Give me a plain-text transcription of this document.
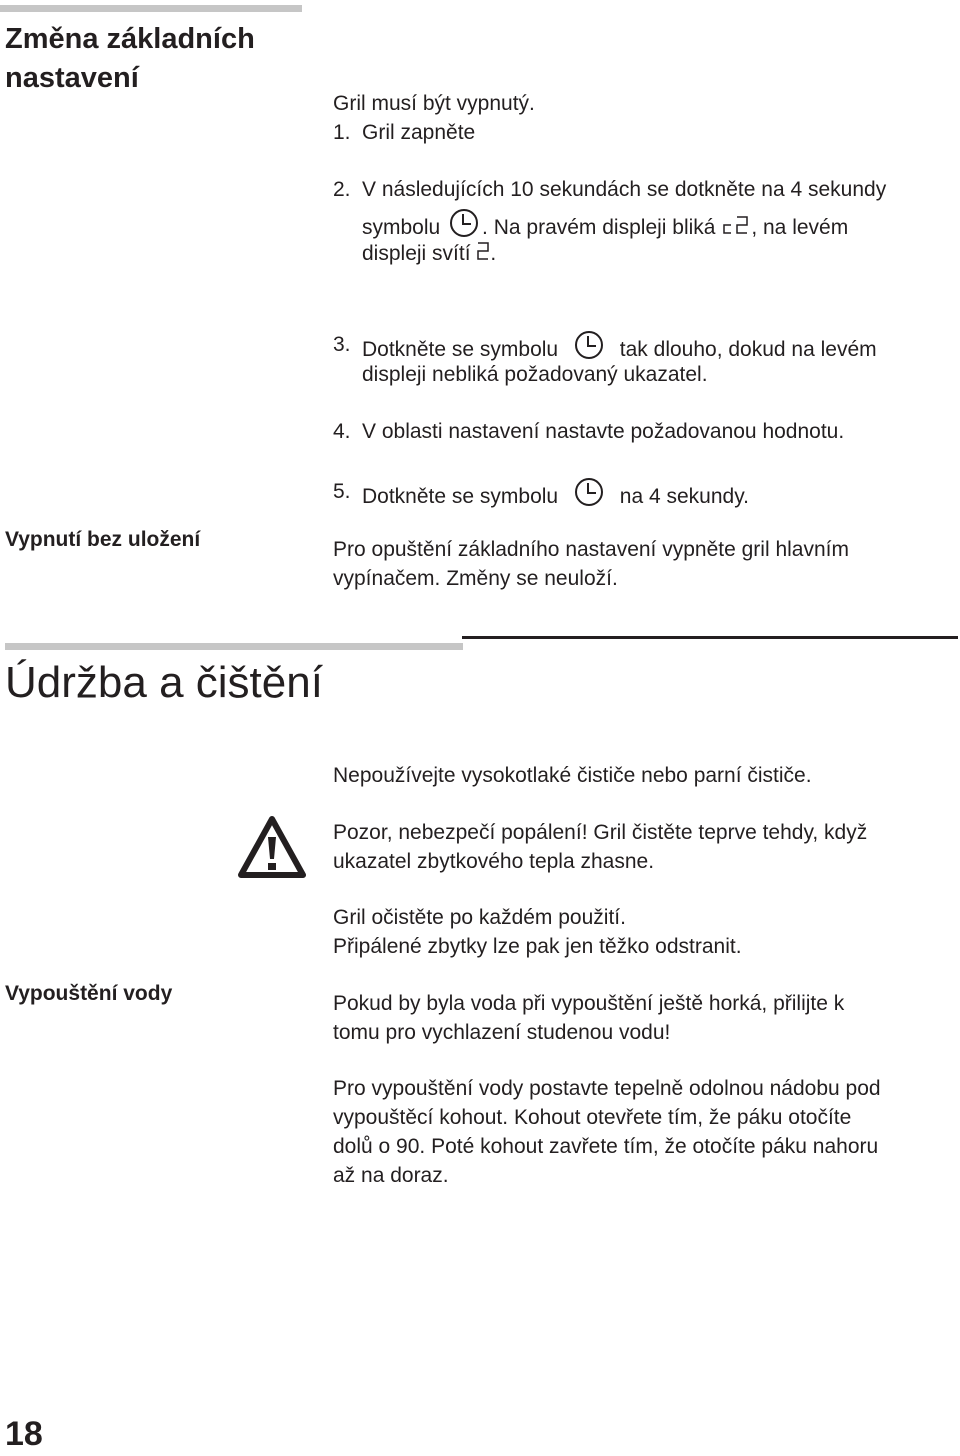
Změna základních nastavení
Gril musí být vypnutý.
1. Gril zapněte
2. V následujících 10 sekundách se dotkněte na 4 sekundy
symbolu . Na pravém displeji bliká , na levém
displeji svítí .
3. Dotkněte se symbolu	tak dlouho, dokud na levém
displeji nebliká požadovaný ukazatel.
4. V oblasti nastavení nastavte požadovanou hodnotu.
5. Dotkněte se symbolu	na 4 sekundy.
Vypnutí bez uložení	Pro opuštění základního nastavení vypněte gril hlavním
vypínačem. Změny se neuloží.
Údržba a čištění
Nepoužívejte vysokotlaké čističe nebo parní čističe.
Pozor, nebezpečí popálení! Gril čistěte teprve tehdy, když
ukazatel zbytkového tepla zhasne.
Gril očistěte po každém použití.
Připálené zbytky lze pak jen těžko odstranit.
Vypouštění vody	Pokud by byla voda při vypouštění ještě horká, přilijte k
tomu pro vychlazení studenou vodu!
Pro vypouštění vody postavte tepelně odolnou nádobu pod
vypouštěcí kohout. Kohout otevřete tím, že páku otočíte
dolů o 90. Poté kohout zavřete tím, že otočíte páku nahoru
až na doraz.
18
